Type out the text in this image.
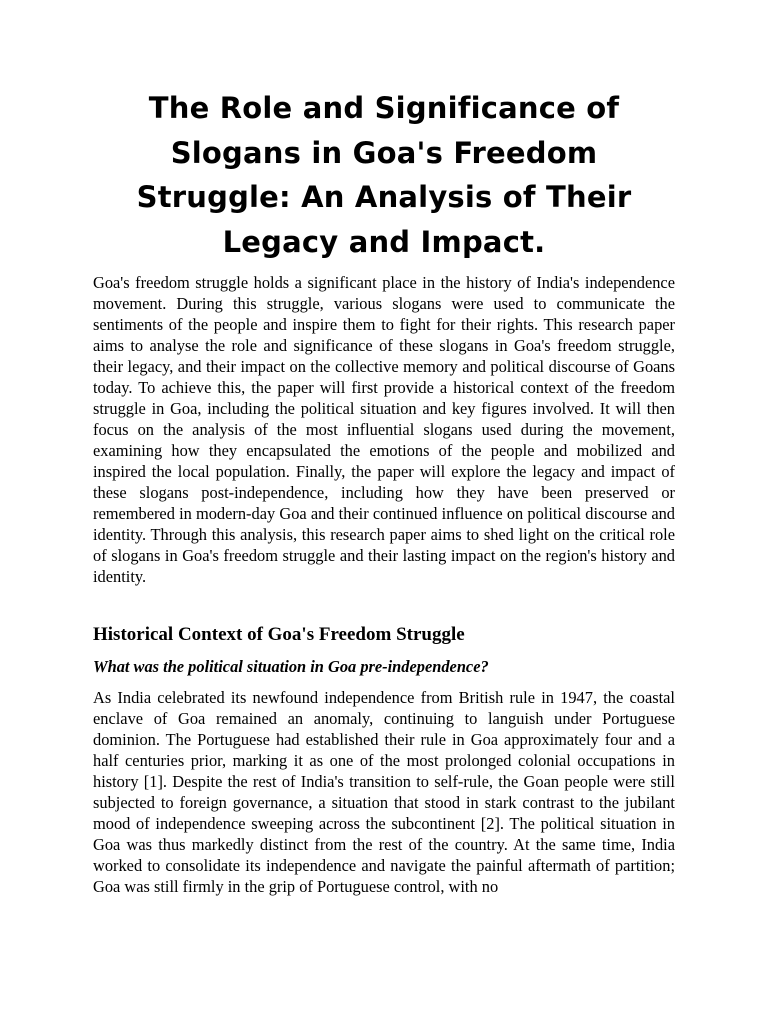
The Role and Significance of Slogans in Goa's Freedom Struggle: An Analysis of Their Legacy and Impact.

Goa's freedom struggle holds a significant place in the history of India's independence movement. During this struggle, various slogans were used to communicate the sentiments of the people and inspire them to fight for their rights. This research paper aims to analyse the role and significance of these slogans in Goa's freedom struggle, their legacy, and their impact on the collective memory and political discourse of Goans today. To achieve this, the paper will first provide a historical context of the freedom struggle in Goa, including the political situation and key figures involved. It will then focus on the analysis of the most influential slogans used during the movement, examining how they encapsulated the emotions of the people and mobilized and inspired the local population. Finally, the paper will explore the legacy and impact of these slogans post-independence, including how they have been preserved or remembered in modern-day Goa and their continued influence on political discourse and identity. Through this analysis, this research paper aims to shed light on the critical role of slogans in Goa's freedom struggle and their lasting impact on the region's history and identity.

Historical Context of Goa's Freedom Struggle

What was the political situation in Goa pre-independence?

As India celebrated its newfound independence from British rule in 1947, the coastal enclave of Goa remained an anomaly, continuing to languish under Portuguese dominion. The Portuguese had established their rule in Goa approximately four and a half centuries prior, marking it as one of the most prolonged colonial occupations in history [1]. Despite the rest of India's transition to self-rule, the Goan people were still subjected to foreign governance, a situation that stood in stark contrast to the jubilant mood of independence sweeping across the subcontinent [2]. The political situation in Goa was thus markedly distinct from the rest of the country. At the same time, India worked to consolidate its independence and navigate the painful aftermath of partition; Goa was still firmly in the grip of Portuguese control, with no
